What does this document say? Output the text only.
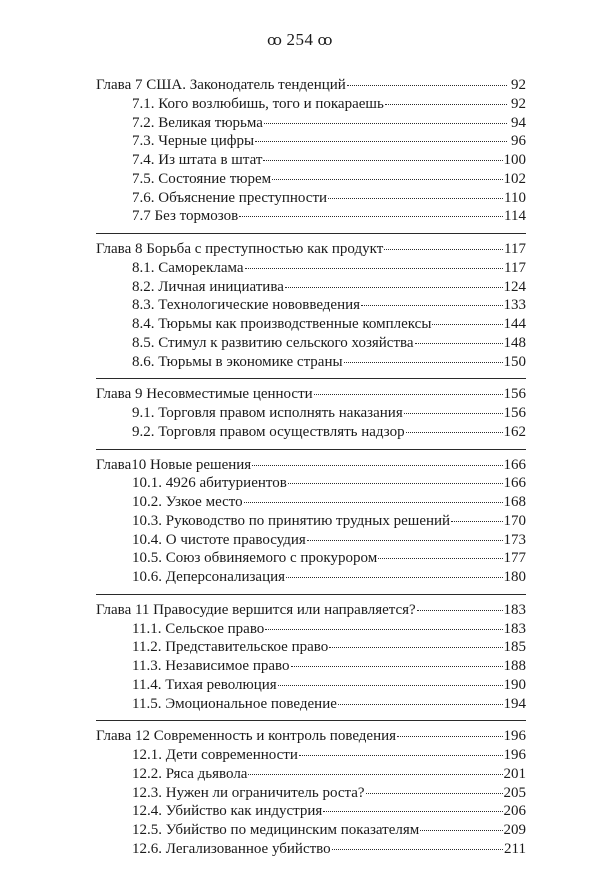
ꝏ 254 ꝏ
Глава 7 США. Законодатель тенденций	92
7.1. Кого возлюбишь, того и покараешь	92
7.2. Великая тюрьма	94
7.3. Черные цифры	96
7.4. Из штата в штат	100
7.5. Состояние тюрем	102
7.6. Объяснение преступности	110
7.7 Без тормозов	114
Глава 8 Борьба с преступностью как продукт	117
8.1. Самореклама	117
8.2. Личная инициатива	124
8.3. Технологические нововведения	133
8.4. Тюрьмы как производственные комплексы	144
8.5. Стимул к развитию сельского хозяйства	148
8.6. Тюрьмы в экономике страны	150
Глава 9 Несовместимые ценности	156
9.1. Торговля правом исполнять наказания	156
9.2. Торговля правом осуществлять надзор	162
Глава10 Новые решения	166
10.1. 4926 абитуриентов	166
10.2. Узкое место	168
10.3. Руководство по принятию трудных решений	170
10.4. О чистоте правосудия	173
10.5. Союз обвиняемого с прокурором	177
10.6. Деперсонализация	180
Глава 11 Правосудие вершится или направляется?	183
11.1. Сельское право	183
11.2. Представительское право	185
11.3. Независимое право	188
11.4. Тихая революция	190
11.5. Эмоциональное поведение	194
Глава 12 Современность и контроль поведения	196
12.1. Дети современности	196
12.2. Ряса дьявола	201
12.3. Нужен ли ограничитель роста?	205
12.4. Убийство как индустрия	206
12.5. Убийство по медицинским показателям	209
12.6. Легализованное убийство	211
